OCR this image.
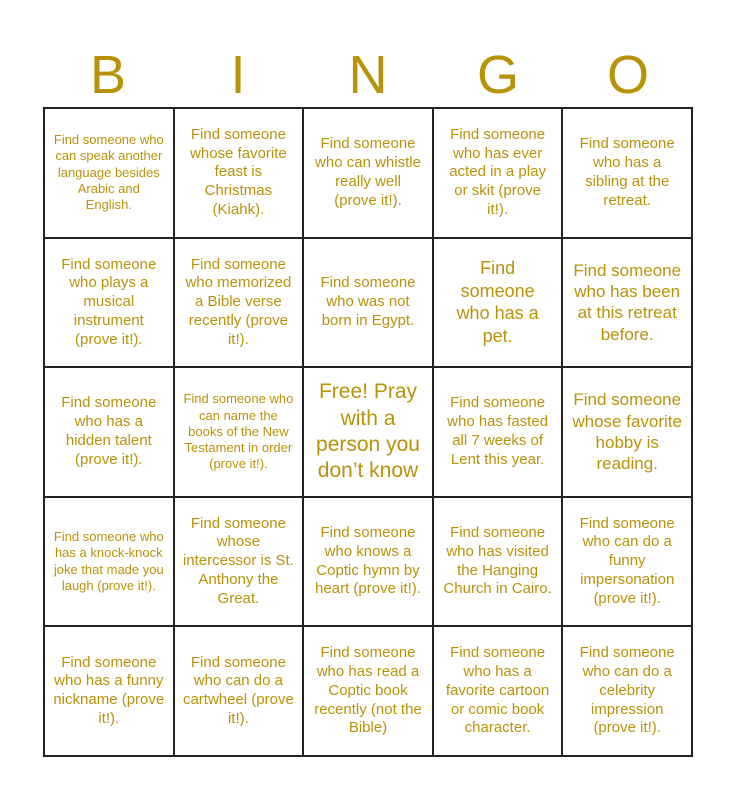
B	I	N	G	O
Find someone who can speak another language besides Arabic and English.
Find someone whose favorite feast is Christmas (Kiahk).
Find someone who can whistle really well (prove it!).
Find someone who has ever acted in a play or skit (prove it!).
Find someone who has a sibling at the retreat.
Find someone who plays a musical instrument (prove it!).
Find someone who memorized a Bible verse recently (prove it!).
Find someone who was not born in Egypt.
Find someone who has a pet.
Find someone who has been at this retreat before.
Find someone who has a hidden talent (prove it!).
Find someone who can name the books of the New Testament in order (prove it!).
Free! Pray with a person you don’t know
Find someone who has fasted all 7 weeks of Lent this year.
Find someone whose favorite hobby is reading.
Find someone who has a knock-knock joke that made you laugh (prove it!).
Find someone whose intercessor is St. Anthony the Great.
Find someone who knows a Coptic hymn by heart (prove it!).
Find someone who has visited the Hanging Church in Cairo.
Find someone who can do a funny impersonation (prove it!).
Find someone who has a funny nickname (prove it!).
Find someone who can do a cartwheel (prove it!).
Find someone who has read a Coptic book recently (not the Bible)
Find someone who has a favorite cartoon or comic book character.
Find someone who can do a celebrity impression (prove it!).
